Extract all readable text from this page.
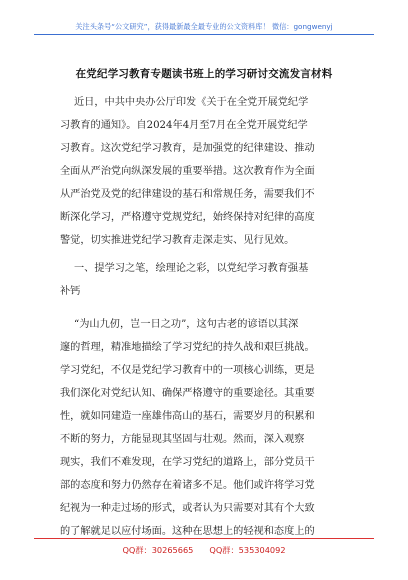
关注头条号“公文研究”，获得最新最全最专业的公文资料库！ 微信：gongwenyj
在党纪学习教育专题读书班上的学习研讨交流发言材料
近日，中共中央办公厅印发《关于在全党开展党纪学
习教育的通知》。自2024年4月至7月在全党开展党纪学
习教育。这次党纪学习教育，是加强党的纪律建设、推动
全面从严治党向纵深发展的重要举措。这次教育作为全面
从严治党及党的纪律建设的基石和常规任务，需要我们不
断深化学习，严格遵守党规党纪，始终保持对纪律的高度
警觉，切实推进党纪学习教育走深走实、见行见效。
一、提学习之笔，绘理论之彩，以党纪学习教育强基
补钙
“为山九仞，岂一日之功”，这句古老的谚语以其深
邃的哲理，精准地描绘了学习党纪的持久战和艰巨挑战。
学习党纪，不仅是党纪学习教育中的一项核心训练，更是
我们深化对党纪认知、确保严格遵守的重要途径。其重要
性，就如同建造一座雄伟高山的基石，需要岁月的积累和
不断的努力，方能显现其坚固与壮观。然而，深入观察
现实，我们不难发现，在学习党纪的道路上，部分党员干
部的态度和努力仍然存在着诸多不足。他们或许将学习党
纪视为一种走过场的形式，或者认为只需要对其有个大致
的了解就足以应付场面。这种在思想上的轻视和态度上的
QQ群：30265665 QQ群：535304092
